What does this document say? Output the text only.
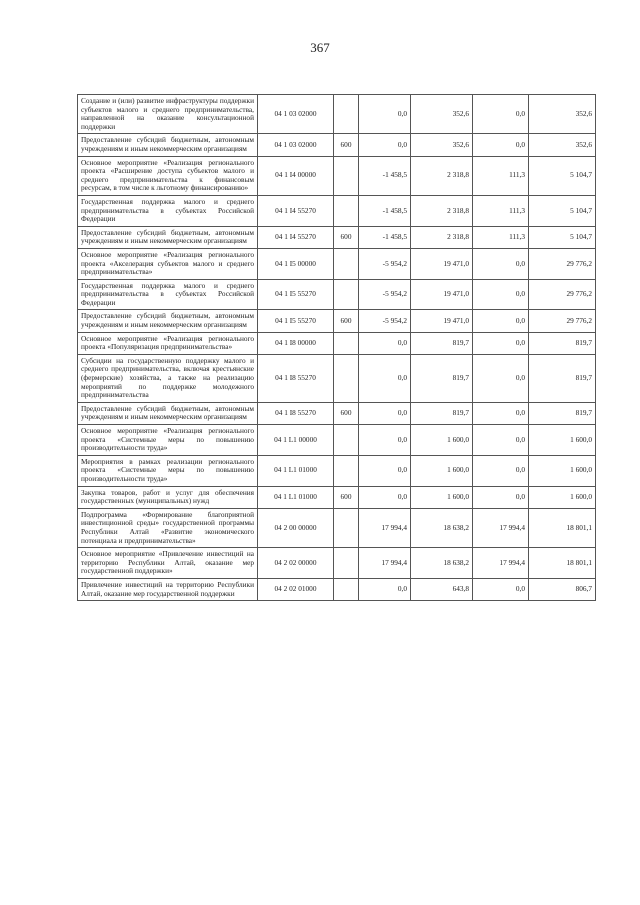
367
Создание и (или) развитие инфраструктуры поддержки субъектов малого и среднего предпринимательства, направленной на оказание консультационной поддержки	04 1 03 02000		0,0	352,6	0,0	352,6
Предоставление субсидий бюджетным, автономным учреждениям и иным некоммерческим организациям	04 1 03 02000	600	0,0	352,6	0,0	352,6
Основное мероприятие «Реализация регионального проекта «Расширение доступа субъектов малого и среднего предпринимательства к финансовым ресурсам, в том числе к льготному финансированию»	04 1 I4 00000		-1 458,5	2 318,8	111,3	5 104,7
Государственная поддержка малого и среднего предпринимательства в субъектах Российской Федерации	04 1 I4 55270		-1 458,5	2 318,8	111,3	5 104,7
Предоставление субсидий бюджетным, автономным учреждениям и иным некоммерческим организациям	04 1 I4 55270	600	-1 458,5	2 318,8	111,3	5 104,7
Основное мероприятие «Реализация регионального проекта «Акселерация субъектов малого и среднего предпринимательства»	04 1 I5 00000		-5 954,2	19 471,0	0,0	29 776,2
Государственная поддержка малого и среднего предпринимательства в субъектах Российской Федерации	04 1 I5 55270		-5 954,2	19 471,0	0,0	29 776,2
Предоставление субсидий бюджетным, автономным учреждениям и иным некоммерческим организациям	04 1 I5 55270	600	-5 954,2	19 471,0	0,0	29 776,2
Основное мероприятие «Реализация регионального проекта «Популяризация предпринимательства»	04 1 I8 00000		0,0	819,7	0,0	819,7
Субсидии на государственную поддержку малого и среднего предпринимательства, включая крестьянские (фермерские) хозяйства, а также на реализацию мероприятий по поддержке молодежного предпринимательства	04 1 I8 55270		0,0	819,7	0,0	819,7
Предоставление субсидий бюджетным, автономным учреждениям и иным некоммерческим организациям	04 1 I8 55270	600	0,0	819,7	0,0	819,7
Основное мероприятие «Реализация регионального проекта «Системные меры по повышению производительности труда»	04 1 L1 00000		0,0	1 600,0	0,0	1 600,0
Мероприятия в рамках реализации регионального проекта «Системные меры по повышению производительности труда»	04 1 L1 01000		0,0	1 600,0	0,0	1 600,0
Закупка товаров, работ и услуг для обеспечения государственных (муниципальных) нужд	04 1 L1 01000	600	0,0	1 600,0	0,0	1 600,0
Подпрограмма «Формирование благоприятной инвестиционной среды» государственной программы Республики Алтай «Развитие экономического потенциала и предпринимательства»	04 2 00 00000		17 994,4	18 638,2	17 994,4	18 801,1
Основное мероприятие «Привлечение инвестиций на территорию Республики Алтай, оказание мер государственной поддержки»	04 2 02 00000		17 994,4	18 638,2	17 994,4	18 801,1
Привлечение инвестиций на территорию Республики Алтай, оказание мер государственной поддержки	04 2 02 01000		0,0	643,8	0,0	806,7
